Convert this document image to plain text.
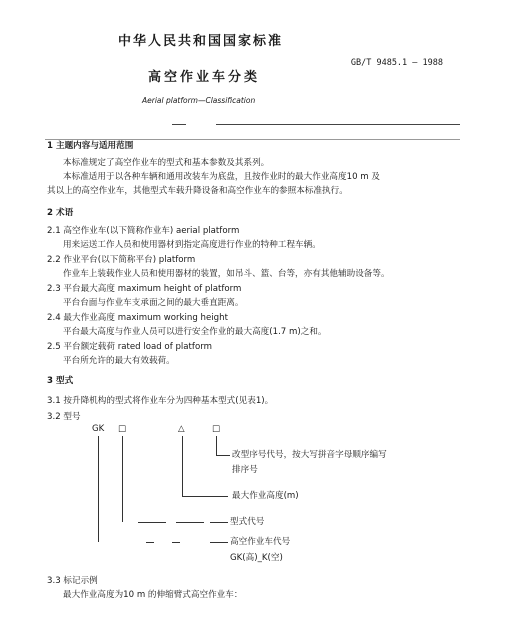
中华人民共和国国家标准
GB/T 9485.1 — 1988
高空作业车分类
Aerial platform—Classification
1 主题内容与适用范围
本标准规定了高空作业车的型式和基本参数及其系列。
本标准适用于以各种车辆和通用改装车为底盘，且按作业时的最大作业高度10 m 及
其以上的高空作业车，其他型式车载升降设备和高空作业车的参照本标准执行。
2 术语
2.1 高空作业车(以下简称作业车) aerial platform
用来运送工作人员和使用器材到指定高度进行作业的特种工程车辆。
2.2 作业平台(以下简称平台) platform
作业车上装载作业人员和使用器材的装置，如吊斗、篮、台等，亦有其他辅助设备等。
2.3 平台最大高度 maximum height of platform
平台台面与作业车支承面之间的最大垂直距离。
2.4 最大作业高度 maximum working height
平台最大高度与作业人员可以进行安全作业的最大高度(1.7 m)之和。
2.5 平台额定载荷 rated load of platform
平台所允许的最大有效载荷。
3 型式
3.1 按升降机构的型式将作业车分为四种基本型式(见表1)。
3.2 型号
GK □	△	□
改型序号代号，按大写拼音字母顺序编写
排序号
最大作业高度(m)
型式代号
高空作业车代号
GK(高)_K(空)
3.3 标记示例
最大作业高度为10 m 的伸缩臂式高空作业车：
